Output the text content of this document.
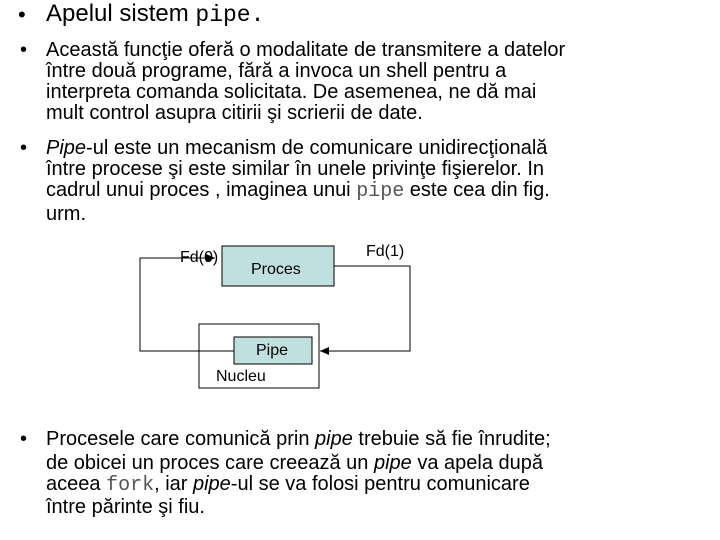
• Apelul sistem pipe.
• Această funcţie oferă o modalitate de transmitere a datelor
între două programe, fără a invoca un shell pentru a
interpreta comanda solicitata. De asemenea, ne dă mai
mult control asupra citirii şi scrierii de date.
• Pipe-ul este un mecanism de comunicare unidirecţională
între procese şi este similar în unele privinţe fişierelor. In
cadrul unui proces , imaginea unui pipe este cea din fig.
urm.
Fd(0)	Fd(1)
Proces
Pipe
Nucleu
• Procesele care comunică prin pipe trebuie să fie înrudite;
de obicei un proces care creează un pipe va apela după
aceea fork, iar pipe-ul se va folosi pentru comunicare
între părinte şi fiu.
